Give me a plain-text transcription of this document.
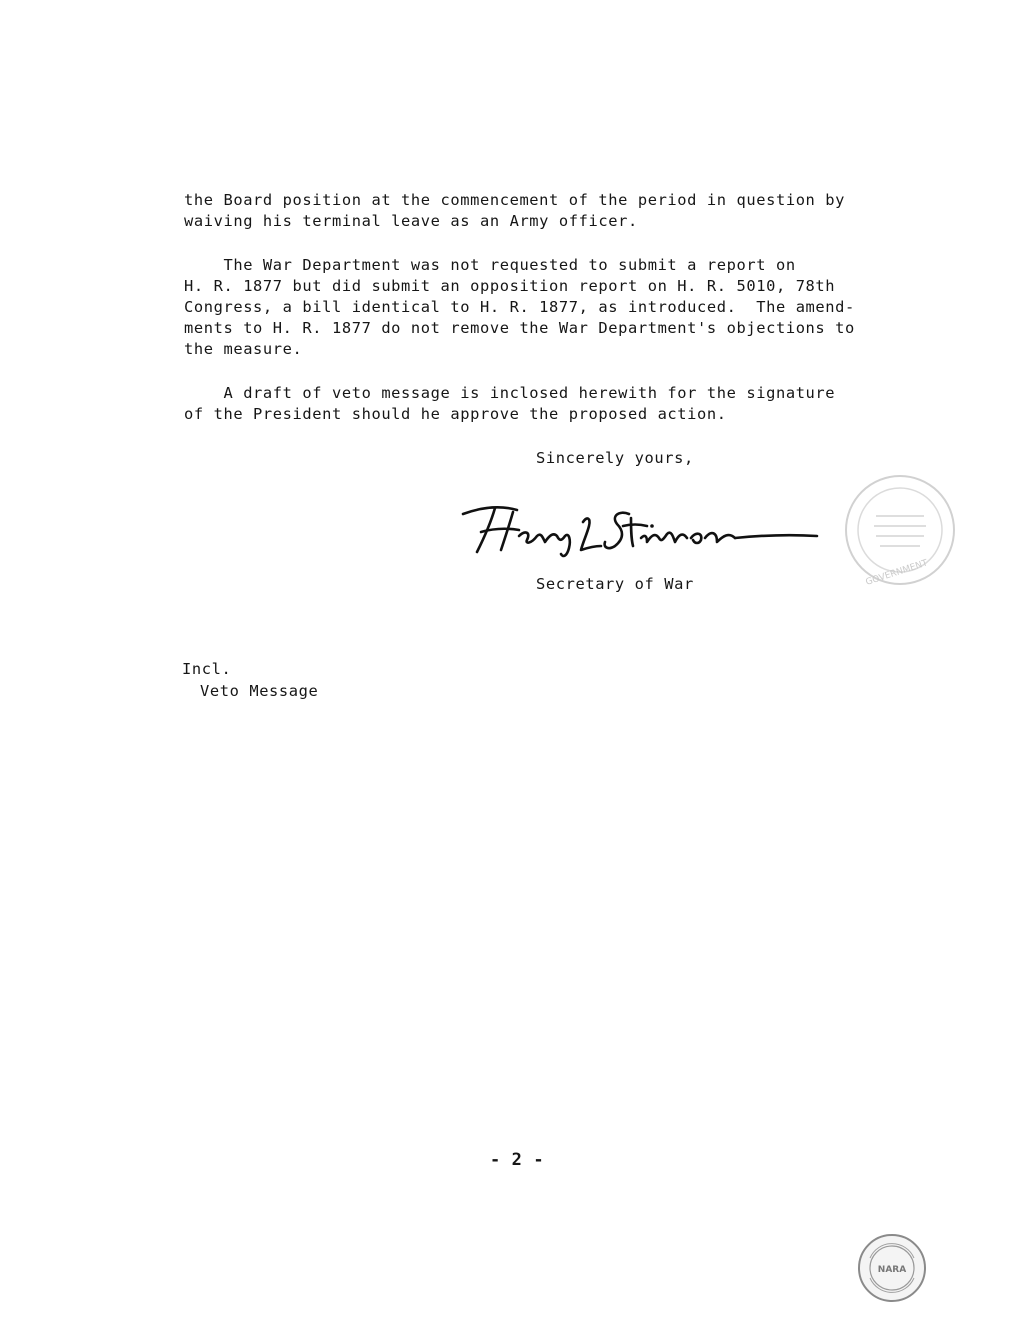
the Board position at the commencement of the period in question by
waiving his terminal leave as an Army officer.
The War Department was not requested to submit a report on
H. R. 1877 but did submit an opposition report on H. R. 5010, 78th
Congress, a bill identical to H. R. 1877, as introduced.  The amend-
ments to H. R. 1877 do not remove the War Department's objections to
the measure.
A draft of veto message is inclosed herewith for the signature
of the President should he approve the proposed action.
Sincerely yours,
Secretary of War
Incl.
Veto Message
- 2 -
GOVERNMENT
NARA
